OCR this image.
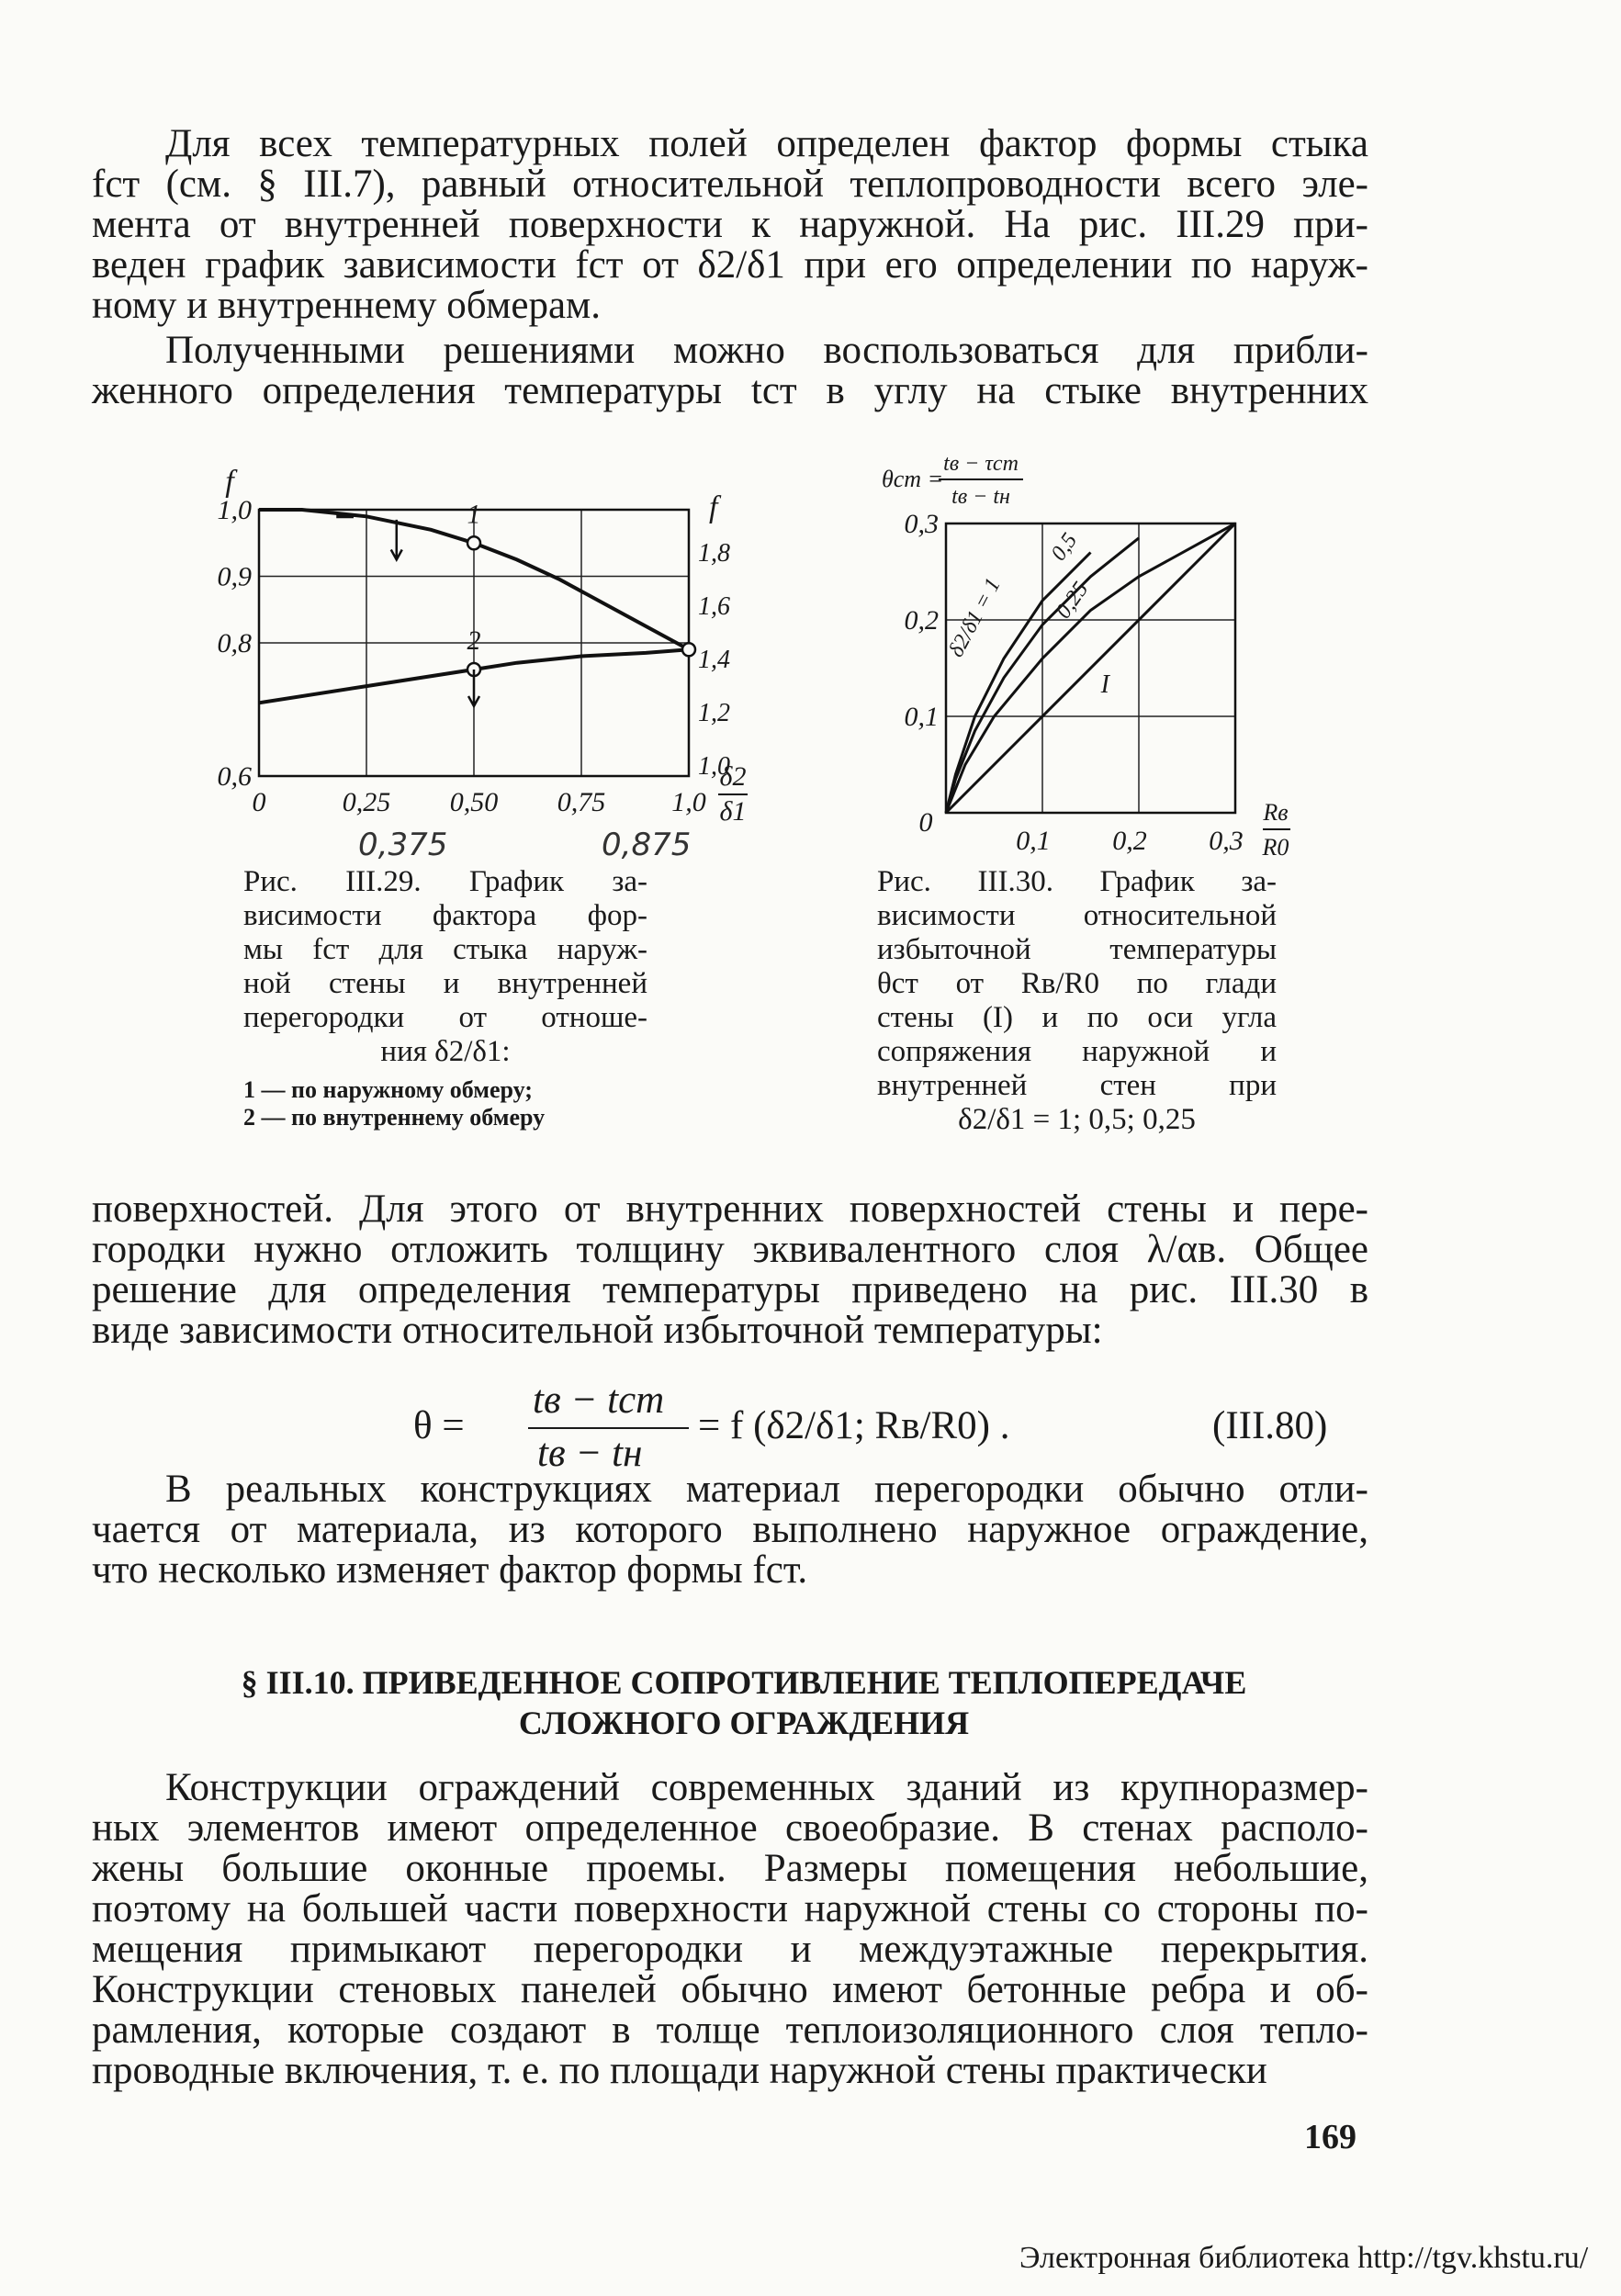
Для всех температурных полей определен фактор формы стыка
fст (см. § III.7), равный относительной теплопроводности всего эле-
мента от внутренней поверхности к наружной. На рис. III.29 при-
веден график зависимости fст от δ2/δ1 при его определении по наруж-
ному и внутреннему обмерам.
Полученными решениями можно воспользоваться для прибли-
женного определения температуры tст в углу на стыке внутренних
0	0,25 0,50 0,75 1,0
0,6
0,8
0,9
1,0
1,0
1,2
1,4
1,6
1,8
f
f
δ2
δ1
1
2
0,375	0,875
Рис. III.29. График за-
висимости фактора фор-
мы fст для стыка наруж-
ной стены и внутренней
перегородки от отноше-
ния δ2/δ1:
1 — по наружному обмеру;
2 — по внутреннему обмеру
0,1 0,2 0,3
0
0,1
0,2
0,3
θст =
tв − τст
tв − tн
Rв
R0
δ2/δ1 = 1
0,5
0,25
I
Рис. III.30. График за-
висимости относительной
избыточной температуры
θст от Rв/R0 по глади
стены (I) и по оси угла
сопряжения наружной и
внутренней стен при
δ2/δ1 = 1; 0,5; 0,25
поверхностей. Для этого от внутренних поверхностей стены и пере-
городки нужно отложить толщину эквивалентного слоя λ/αв. Общее
решение для определения температуры приведено на рис. III.30 в
виде зависимости относительной избыточной температуры:
θ =
tв − tст
tв − tн
= f (δ2/δ1; Rв/R0) .	(III.80)
В реальных конструкциях материал перегородки обычно отли-
чается от материала, из которого выполнено наружное ограждение,
что несколько изменяет фактор формы fст.
§ III.10. ПРИВЕДЕННОЕ СОПРОТИВЛЕНИЕ ТЕПЛОПЕРЕДАЧЕ
СЛОЖНОГО ОГРАЖДЕНИЯ
Конструкции ограждений современных зданий из крупноразмер-
ных элементов имеют определенное своеобразие. В стенах располо-
жены большие оконные проемы. Размеры помещения небольшие,
поэтому на большей части поверхности наружной стены со стороны по-
мещения примыкают перегородки и междуэтажные перекрытия.
Конструкции стеновых панелей обычно имеют бетонные ребра и об-
рамления, которые создают в толще теплоизоляционного слоя тепло-
проводные включения, т. е. по площади наружной стены практически
169
Электронная библиотека http://tgv.khstu.ru/
